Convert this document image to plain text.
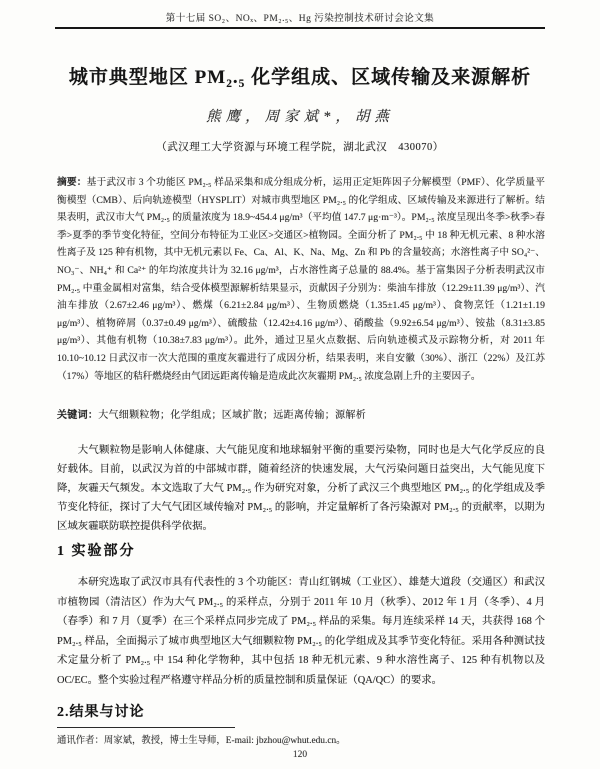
第十七届 SO₂、NOₓ、PM₂.₅、Hg 污染控制技术研讨会论文集
城市典型地区 PM₂.₅ 化学组成、区域传输及来源解析
熊鹰，周家斌*，胡燕
（武汉理工大学资源与环境工程学院，湖北武汉　430070）
摘要：基于武汉市 3 个功能区 PM₂.₅ 样品采集和成分组成分析，运用正定矩阵因子分解模型（PMF）、化学质量平衡模型（CMB）、后向轨迹模型（HYSPLIT）对城市典型地区 PM₂.₅ 的化学组成、区域传输及来源进行了解析。结果表明，武汉市大气 PM₂.₅ 的质量浓度为 18.9~454.4 μg/m³（平均值 147.7 μg·m⁻³）。PM₂.₅ 浓度呈现出冬季>秋季>春季>夏季的季节变化特征，空间分布特征为工业区>交通区>植物园。全面分析了 PM₂.₅ 中 18 种无机元素、8 种水溶性离子及 125 种有机物，其中无机元素以 Fe、Ca、Al、K、Na、Mg、Zn 和 Pb 的含量较高；水溶性离子中 SO₄²⁻、NO₃⁻、NH₄⁺ 和 Ca²⁺ 的年均浓度共计为 32.16 μg/m³，占水溶性离子总量的 88.4%。基于富集因子分析表明武汉市 PM₂.₅ 中重金属相对富集，结合受体模型源解析结果显示，贡献因子分别为：柴油车排放（12.29±11.39 μg/m³）、汽油车排放（2.67±2.46 μg/m³）、燃煤（6.21±2.84 μg/m³）、生物质燃烧（1.35±1.45 μg/m³）、食物烹饪（1.21±1.19 μg/m³）、植物碎屑（0.37±0.49 μg/m³）、硫酸盐（12.42±4.16 μg/m³）、硝酸盐（9.92±6.54 μg/m³）、铵盐（8.31±3.85 μg/m³）、其他有机物（10.38±7.83 μg/m³）。此外，通过卫星火点数据、后向轨迹模式及示踪物分析，对 2011 年 10.10~10.12 日武汉市一次大范围的重度灰霾进行了成因分析，结果表明，来自安徽（30%）、浙江（22%）及江苏（17%）等地区的秸秆燃烧经由气团远距离传输是造成此次灰霾期 PM₂.₅ 浓度急剧上升的主要因子。
关键词：大气细颗粒物；化学组成；区域扩散；远距离传输；源解析
大气颗粒物是影响人体健康、大气能见度和地球辐射平衡的重要污染物，同时也是大气化学反应的良好载体。目前，以武汉为首的中部城市群，随着经济的快速发展，大气污染问题日益突出，大气能见度下降，灰霾天气频发。本文选取了大气 PM₂.₅ 作为研究对象，分析了武汉三个典型地区 PM₂.₅ 的化学组成及季节变化特征，探讨了大气气团区域传输对 PM₂.₅ 的影响，并定量解析了各污染源对 PM₂.₅ 的贡献率，以期为区域灰霾联防联控提供科学依据。
1 实验部分
本研究选取了武汉市具有代表性的 3 个功能区：青山红钢城（工业区）、雄楚大道段（交通区）和武汉市植物园（清洁区）作为大气 PM₂.₅ 的采样点，分别于 2011 年 10 月（秋季）、2012 年 1 月（冬季）、4 月（春季）和 7 月（夏季）在三个采样点同步完成了 PM₂.₅ 样品的采集。每月连续采样 14 天，共获得 168 个 PM₂.₅ 样品，全面揭示了城市典型地区大气细颗粒物 PM₂.₅ 的化学组成及其季节变化特征。采用各种测试技术定量分析了 PM₂.₅ 中 154 种化学物种，其中包括 18 种无机元素、9 种水溶性离子、125 种有机物以及 OC/EC。整个实验过程严格遵守样品分析的质量控制和质量保证（QA/QC）的要求。
2.结果与讨论
通讯作者：周家斌，教授，博士生导师，E-mail: jbzhou@whut.edu.cn。
120
